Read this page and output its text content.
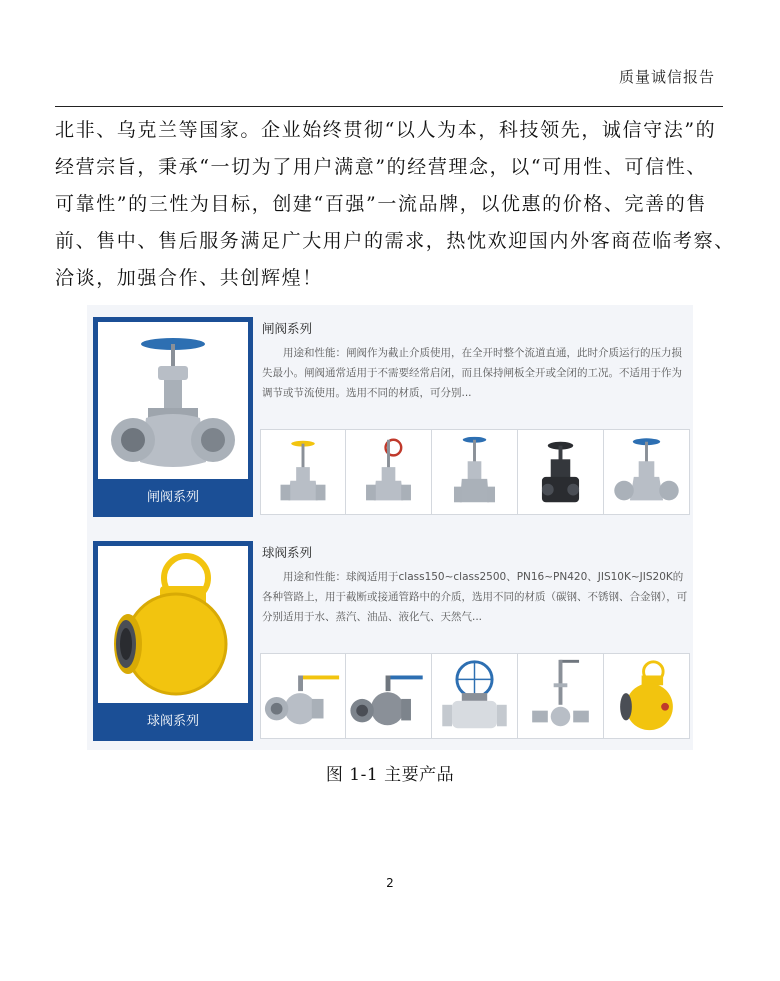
质量诚信报告

北非、乌克兰等国家。企业始终贯彻“以人为本，科技领先，诚信守法”的

经营宗旨，秉承“一切为了用户满意”的经营理念，以“可用性、可信性、

可靠性”的三性为目标，创建“百强”一流品牌，以优惠的价格、完善的售

前、售中、售后服务满足广大用户的需求，热忱欢迎国内外客商莅临考察、

洽谈，加强合作、共创辉煌！

闸阀系列
闸阀系列
用途和性能：闸阀作为截止介质使用，在全开时整个流道直通，此时介质运行的压力损失最小。闸阀通常适用于不需要经常启闭，而且保持闸板全开或全闭的工况。不适用于作为调节或节流使用。选用不同的材质，可分别...
球阀系列
球阀系列
用途和性能：球阀适用于class150~class2500、PN16~PN420、JIS10K~JIS20K的各种管路上，用于截断或接通管路中的介质，选用不同的材质（碳钢、不锈钢、合金钢），可分别适用于水、蒸汽、油品、液化气、天然气...
图 1-1 主要产品
2
